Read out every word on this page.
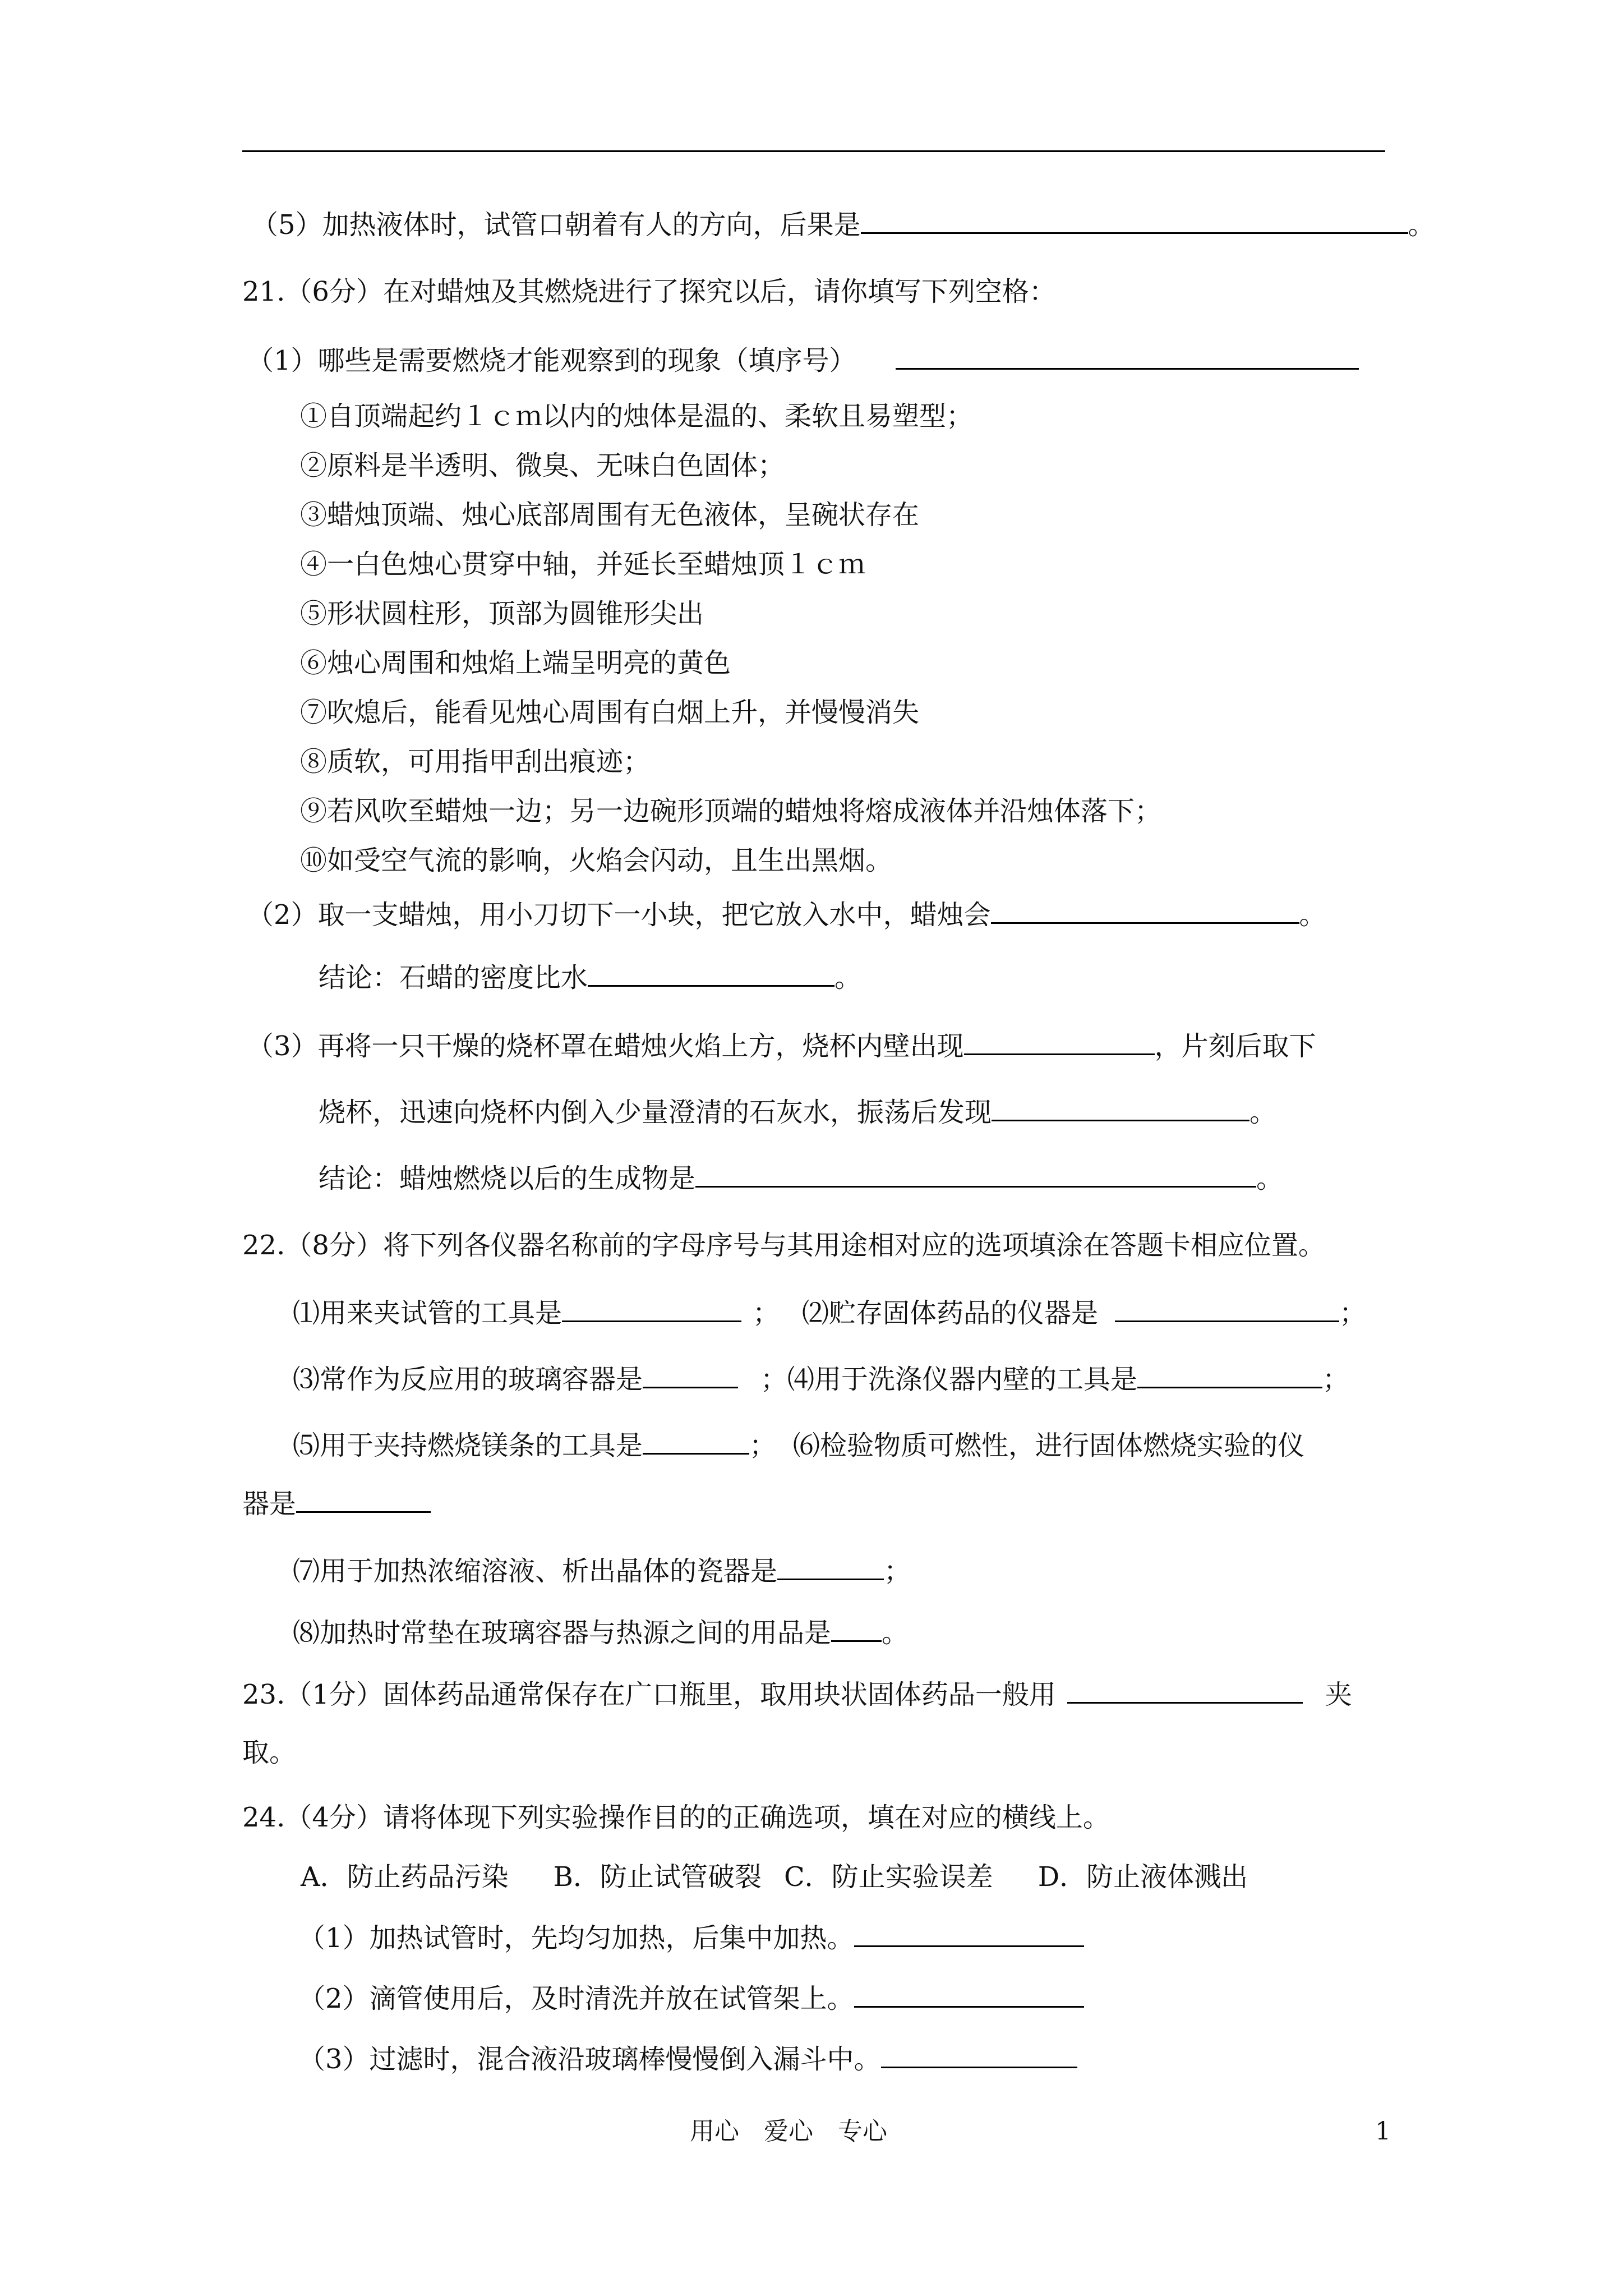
（5）加热液体时，试管口朝着有人的方向，后果是	。
21.（6分）在对蜡烛及其燃烧进行了探究以后，请你填写下列空格：
（1）哪些是需要燃烧才能观察到的现象（填序号）
①自顶端起约１ｃｍ以内的烛体是温的、柔软且易塑型；
②原料是半透明、微臭、无味白色固体；
③蜡烛顶端、烛心底部周围有无色液体，呈碗状存在
④一白色烛心贯穿中轴，并延长至蜡烛顶１ｃｍ
⑤形状圆柱形，顶部为圆锥形尖出
⑥烛心周围和烛焰上端呈明亮的黄色
⑦吹熄后，能看见烛心周围有白烟上升，并慢慢消失
⑧质软，可用指甲刮出痕迹；
⑨若风吹至蜡烛一边；另一边碗形顶端的蜡烛将熔成液体并沿烛体落下；
⑩如受空气流的影响，火焰会闪动，且生出黑烟。
（2）取一支蜡烛，用小刀切下一小块，把它放入水中，蜡烛会	。
结论：石蜡的密度比水	。
（3）再将一只干燥的烧杯罩在蜡烛火焰上方，烧杯内壁出现	，片刻后取下
烧杯，迅速向烧杯内倒入少量澄清的石灰水，振荡后发现	。
结论：蜡烛燃烧以后的生成物是	。
22.（8分）将下列各仪器名称前的字母序号与其用途相对应的选项填涂在答题卡相应位置。
⑴用来夹试管的工具是	； ⑵贮存固体药品的仪器是	；
⑶常作为反应用的玻璃容器是	；⑷用于洗涤仪器内壁的工具是	；
⑸用于夹持燃烧镁条的工具是	； ⑹检验物质可燃性，进行固体燃烧实验的仪
器是
⑺用于加热浓缩溶液、析出晶体的瓷器是	；
⑻加热时常垫在玻璃容器与热源之间的用品是 。
23.（1分）固体药品通常保存在广口瓶里，取用块状固体药品一般用	夹
取。
24.（4分）请将体现下列实验操作目的的正确选项，填在对应的横线上。
A．防止药品污染 B．防止试管破裂 C．防止实验误差 D．防止液体溅出
（1）加热试管时，先均匀加热，后集中加热。
（2）滴管使用后，及时清洗并放在试管架上。
（3）过滤时，混合液沿玻璃棒慢慢倒入漏斗中。
用心　爱心　专心	1
